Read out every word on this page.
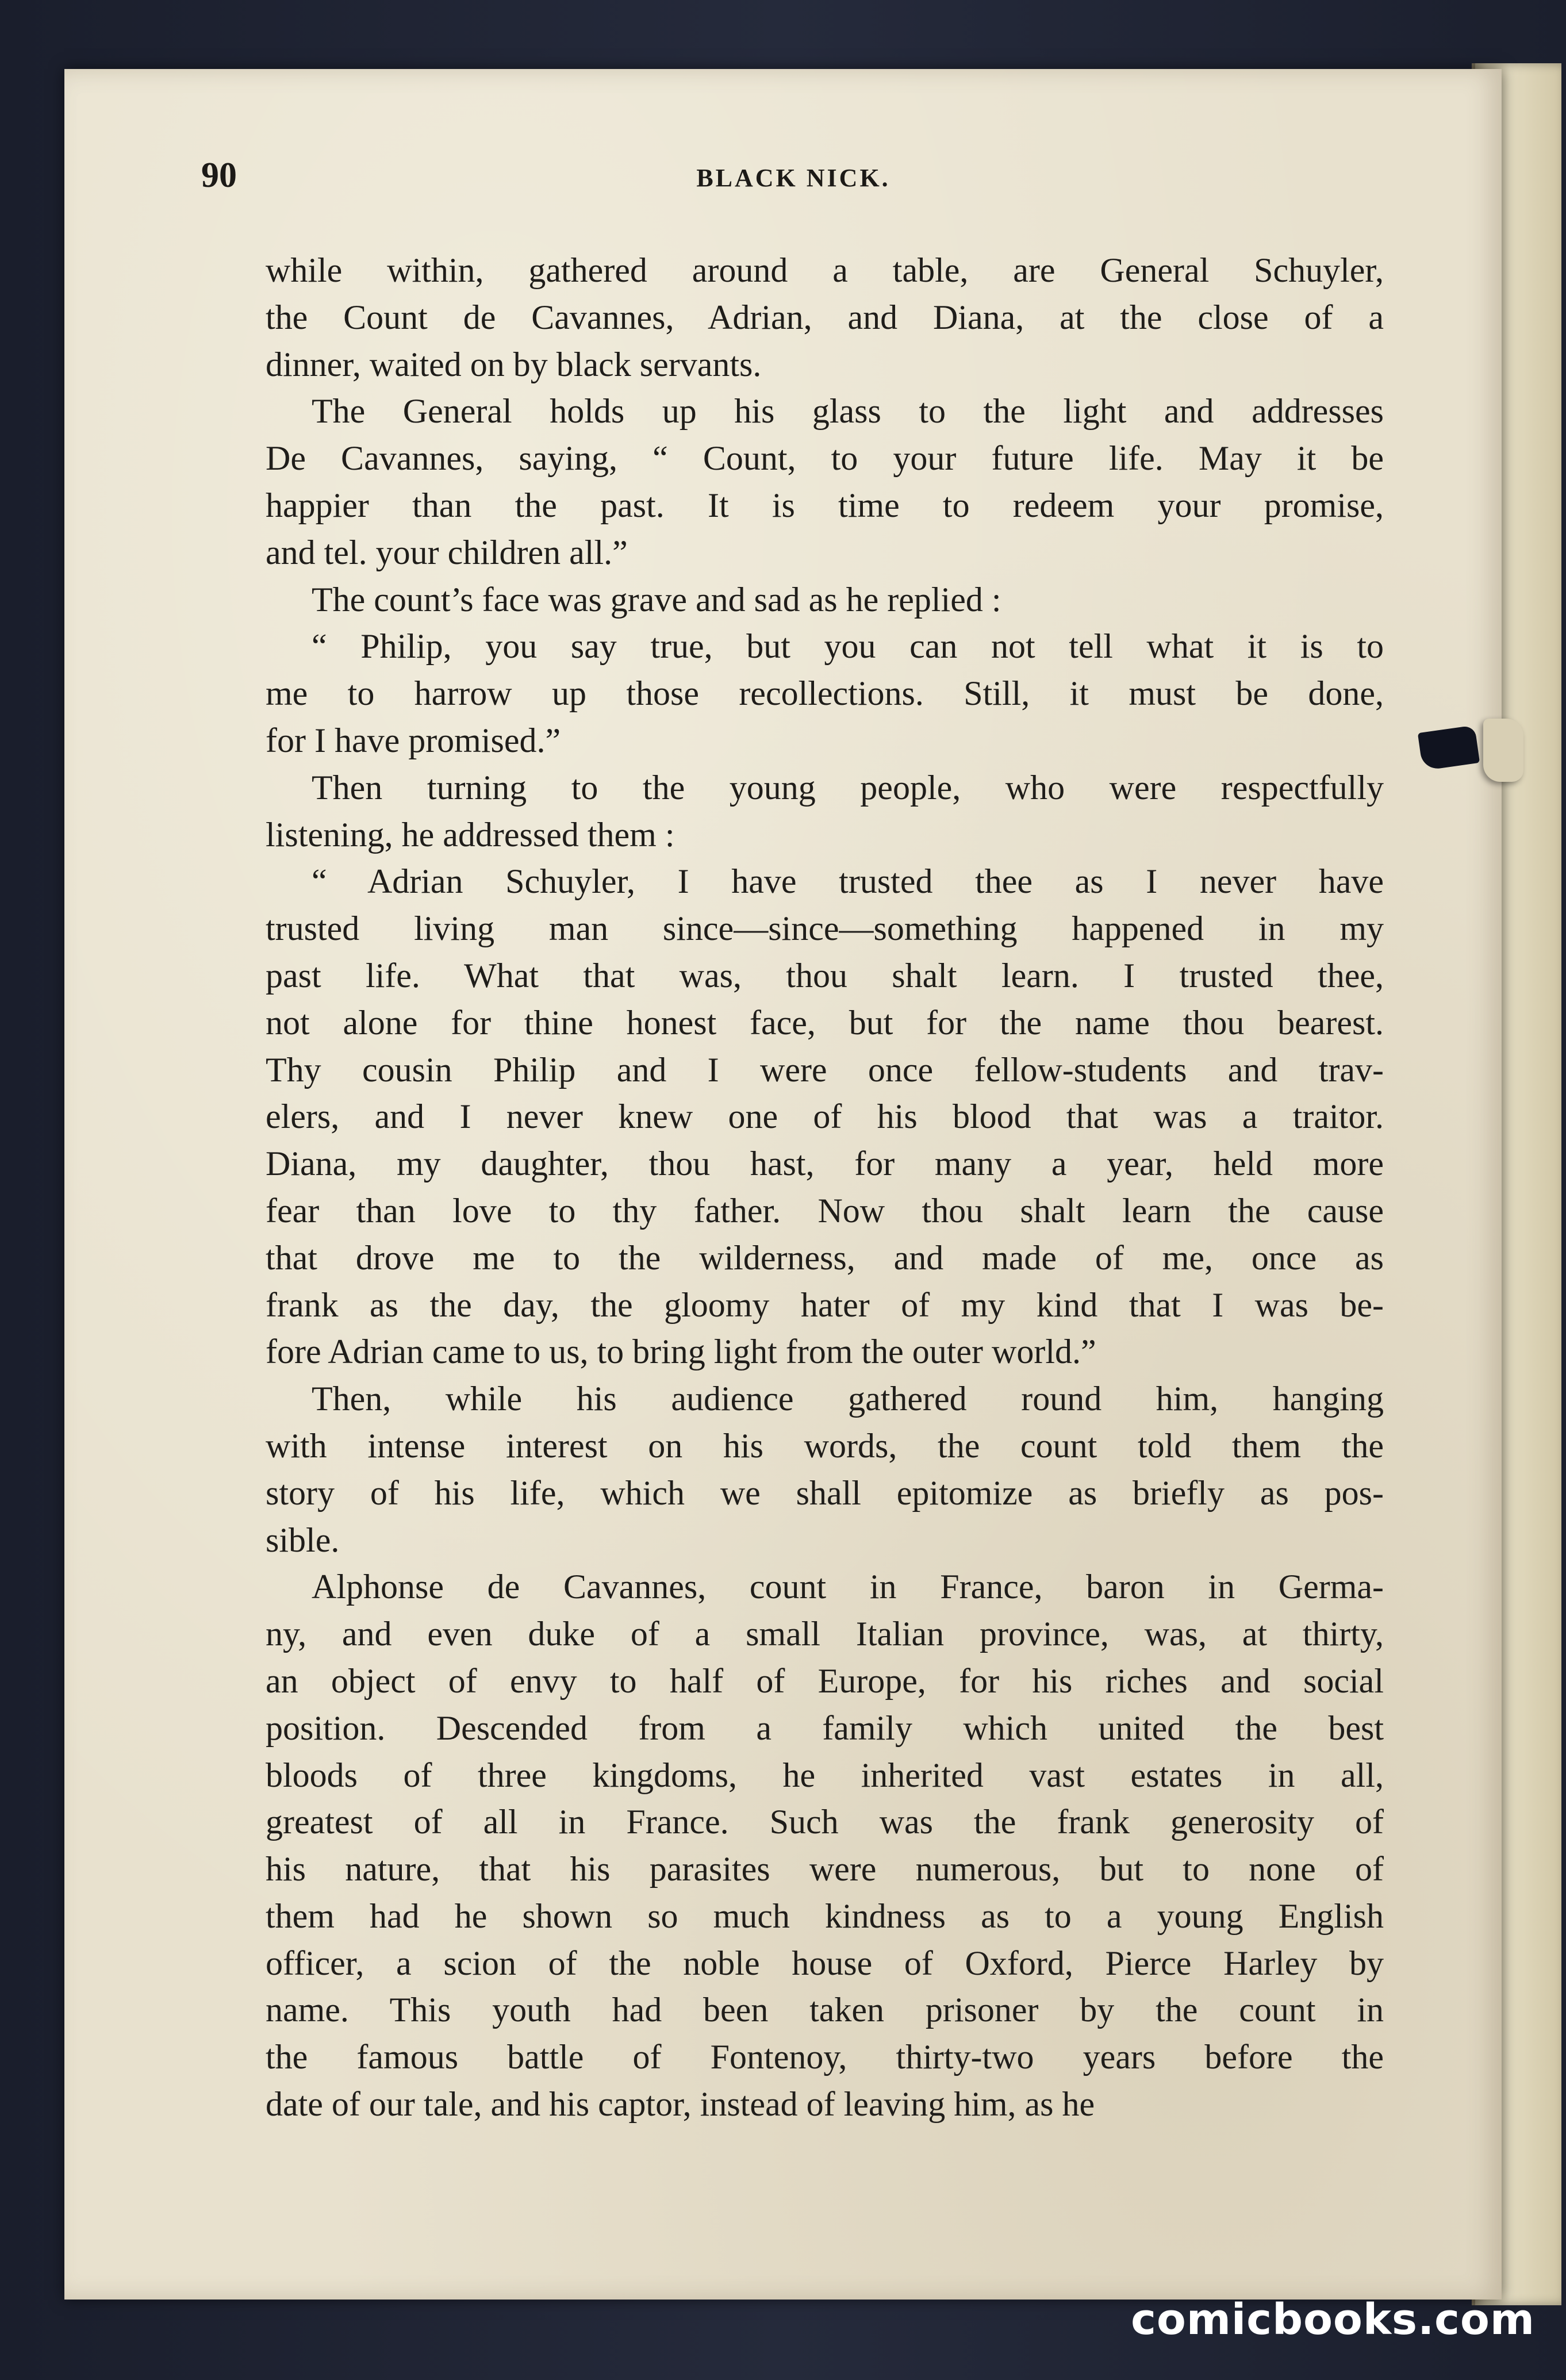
90	BLACK NICK.
while within, gathered around a table, are General Schuyler,
the Count de Cavannes, Adrian, and Diana, at the close of a
dinner, waited on by black servants.
The General holds up his glass to the light and addresses
De Cavannes, saying, “ Count, to your future life. May it be
happier than the past. It is time to redeem your promise,
and tel. your children all.”
The count’s face was grave and sad as he replied :
“ Philip, you say true, but you can not tell what it is to
me to harrow up those recollections. Still, it must be done,
for I have promised.”
Then turning to the young people, who were respectfully
listening, he addressed them :
“ Adrian Schuyler, I have trusted thee as I never have
trusted living man since—since—something happened in my
past life. What that was, thou shalt learn. I trusted thee,
not alone for thine honest face, but for the name thou bearest.
Thy cousin Philip and I were once fellow-students and trav-
elers, and I never knew one of his blood that was a traitor.
Diana, my daughter, thou hast, for many a year, held more
fear than love to thy father. Now thou shalt learn the cause
that drove me to the wilderness, and made of me, once as
frank as the day, the gloomy hater of my kind that I was be-
fore Adrian came to us, to bring light from the outer world.”
Then, while his audience gathered round him, hanging
with intense interest on his words, the count told them the
story of his life, which we shall epitomize as briefly as pos-
sible.
Alphonse de Cavannes, count in France, baron in Germa-
ny, and even duke of a small Italian province, was, at thirty,
an object of envy to half of Europe, for his riches and social
position. Descended from a family which united the best
bloods of three kingdoms, he inherited vast estates in all,
greatest of all in France. Such was the frank generosity of
his nature, that his parasites were numerous, but to none of
them had he shown so much kindness as to a young English
officer, a scion of the noble house of Oxford, Pierce Harley by
name. This youth had been taken prisoner by the count in
the famous battle of Fontenoy, thirty-two years before the
date of our tale, and his captor, instead of leaving him, as he
comicbooks.com
